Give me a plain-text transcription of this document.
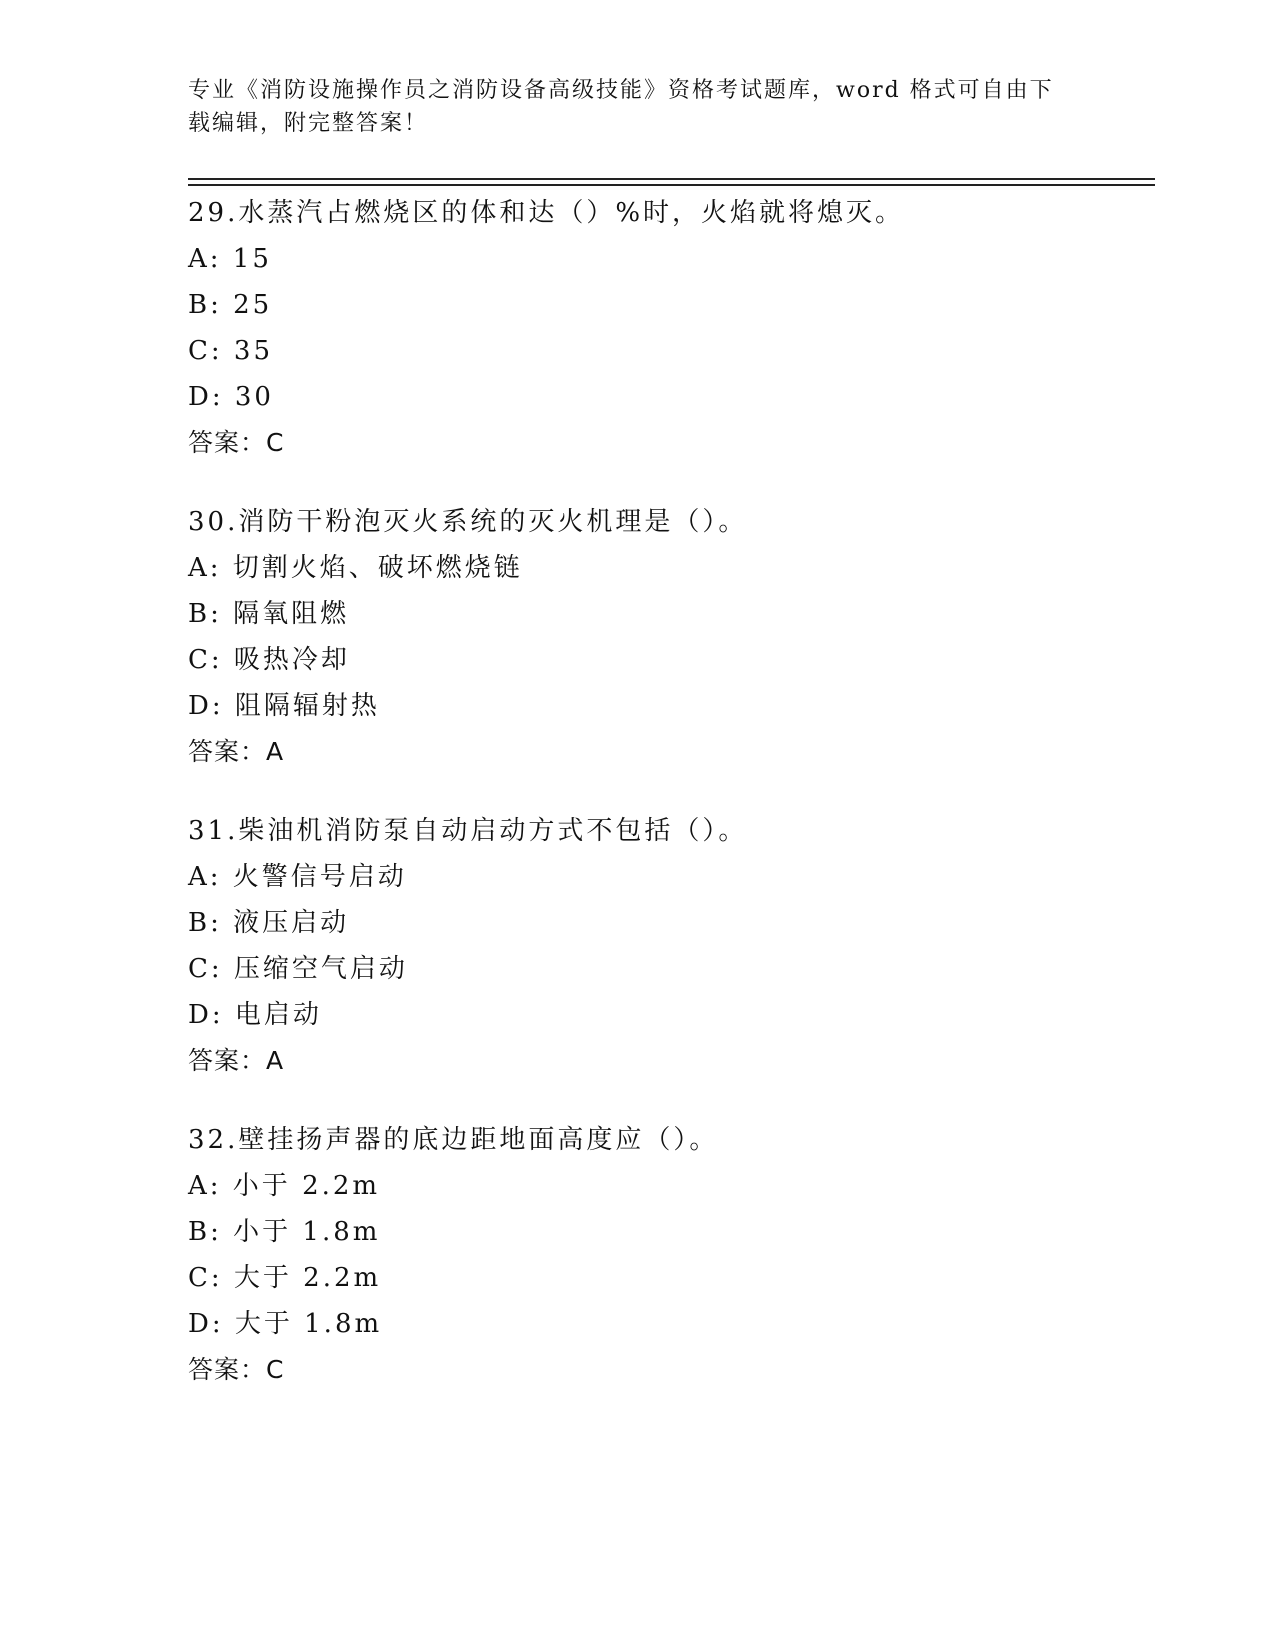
专业《消防设施操作员之消防设备高级技能》资格考试题库，word 格式可自由下
载编辑，附完整答案！
29.水蒸汽占燃烧区的体和达（）%时，火焰就将熄灭。
A: 15
B: 25
C: 35
D: 30
答案：C
30.消防干粉泡灭火系统的灭火机理是（）。
A: 切割火焰、破坏燃烧链
B: 隔氧阻燃
C: 吸热冷却
D: 阻隔辐射热
答案：A
31.柴油机消防泵自动启动方式不包括（）。
A: 火警信号启动
B: 液压启动
C: 压缩空气启动
D: 电启动
答案：A
32.壁挂扬声器的底边距地面高度应（）。
A: 小于 2.2m
B: 小于 1.8m
C: 大于 2.2m
D: 大于 1.8m
答案：C
